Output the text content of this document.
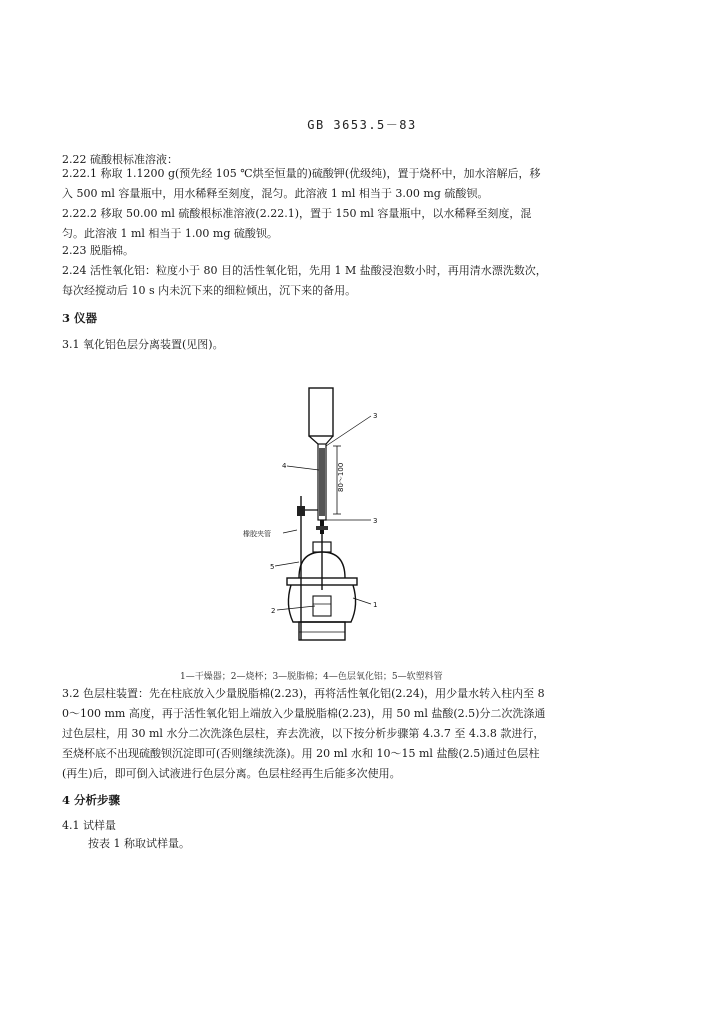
GB 3653.5－83
2.22 硫酸根标准溶液：
2.22.1 称取 1.1200 g(预先经 105 ℃烘至恒量的)硫酸钾(优级纯)，置于烧杯中，加水溶解后，移入 500 ml 容量瓶中，用水稀释至刻度，混匀。此溶液 1 ml 相当于 3.00 mg 硫酸钡。
2.22.2 移取 50.00 ml 硫酸根标准溶液(2.22.1)，置于 150 ml 容量瓶中，以水稀释至刻度，混匀。此溶液 1 ml 相当于 1.00 mg 硫酸钡。
2.23 脱脂棉。
2.24 活性氧化铝：粒度小于 80 目的活性氧化铝，先用 1 M 盐酸浸泡数小时，再用清水漂洗数次，每次经搅动后 10 s 内未沉下来的细粒倾出，沉下来的备用。
3 仪器
3.1 氧化铝色层分离装置(见图)。
80～100
3
3
4
5
2
1
橡胶夹管
1—干燥器；2—烧杯；3—脱脂棉；4—色层氧化铝；5—软塑料管
3.2 色层柱装置：先在柱底放入少量脱脂棉(2.23)，再将活性氧化铝(2.24)，用少量水转入柱内至 80～100 mm 高度，再于活性氧化铝上端放入少量脱脂棉(2.23)，用 50 ml 盐酸(2.5)分二次洗涤通过色层柱，用 30 ml 水分二次洗涤色层柱，弃去洗液，以下按分析步骤第 4.3.7 至 4.3.8 款进行，至烧杯底不出现硫酸钡沉淀即可(否则继续洗涤)。用 20 ml 水和 10～15 ml 盐酸(2.5)通过色层柱(再生)后，即可倒入试液进行色层分离。色层柱经再生后能多次使用。
4 分析步骤
4.1 试样量
按表 1 称取试样量。
